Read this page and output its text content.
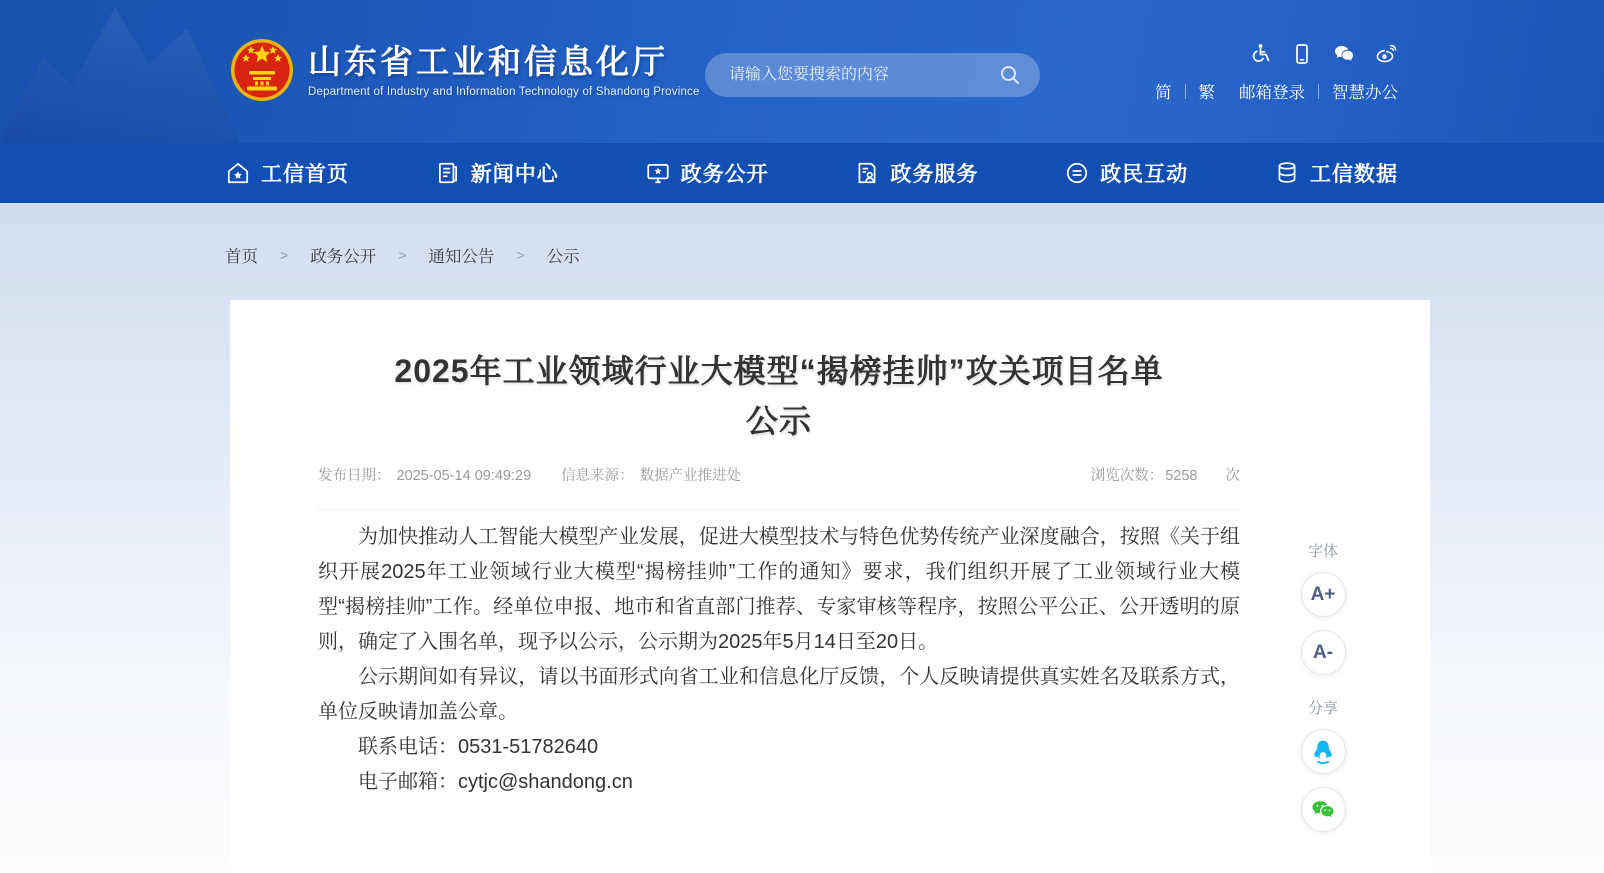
山东省工业和信息化厅
Department of Industry and Information Technology of Shandong Province
请输入您要搜索的内容	简 繁 邮箱登录 智慧办公
工信首页	新闻中心	政务公开	政务服务	政民互动	工信数据
首页 > 政务公开 > 通知公告 > 公示
2025年工业领域行业大模型“揭榜挂帅”攻关项目名单
公示
发布日期： 2025-05-14 09:49:29 信息来源： 数据产业推进处	浏览次数： 5258 次

为加快推动人工智能大模型产业发展，促进大模型技术与特色优势传统产业深度融合，按照《关于组织开展2025年工业领域行业大模型“揭榜挂帅”工作的通知》要求，我们组织开展了工业领域行业大模型“揭榜挂帅”工作。经单位申报、地市和省直部门推荐、专家审核等程序，按照公平公正、公开透明的原则，确定了入围名单，现予以公示，公示期为2025年5月14日至20日。

公示期间如有异议，请以书面形式向省工业和信息化厅反馈，个人反映请提供真实姓名及联系方式，单位反映请加盖公章。

联系电话：0531-51782640

电子邮箱：cytjc@shandong.cn

字体
A+
A-
分享
